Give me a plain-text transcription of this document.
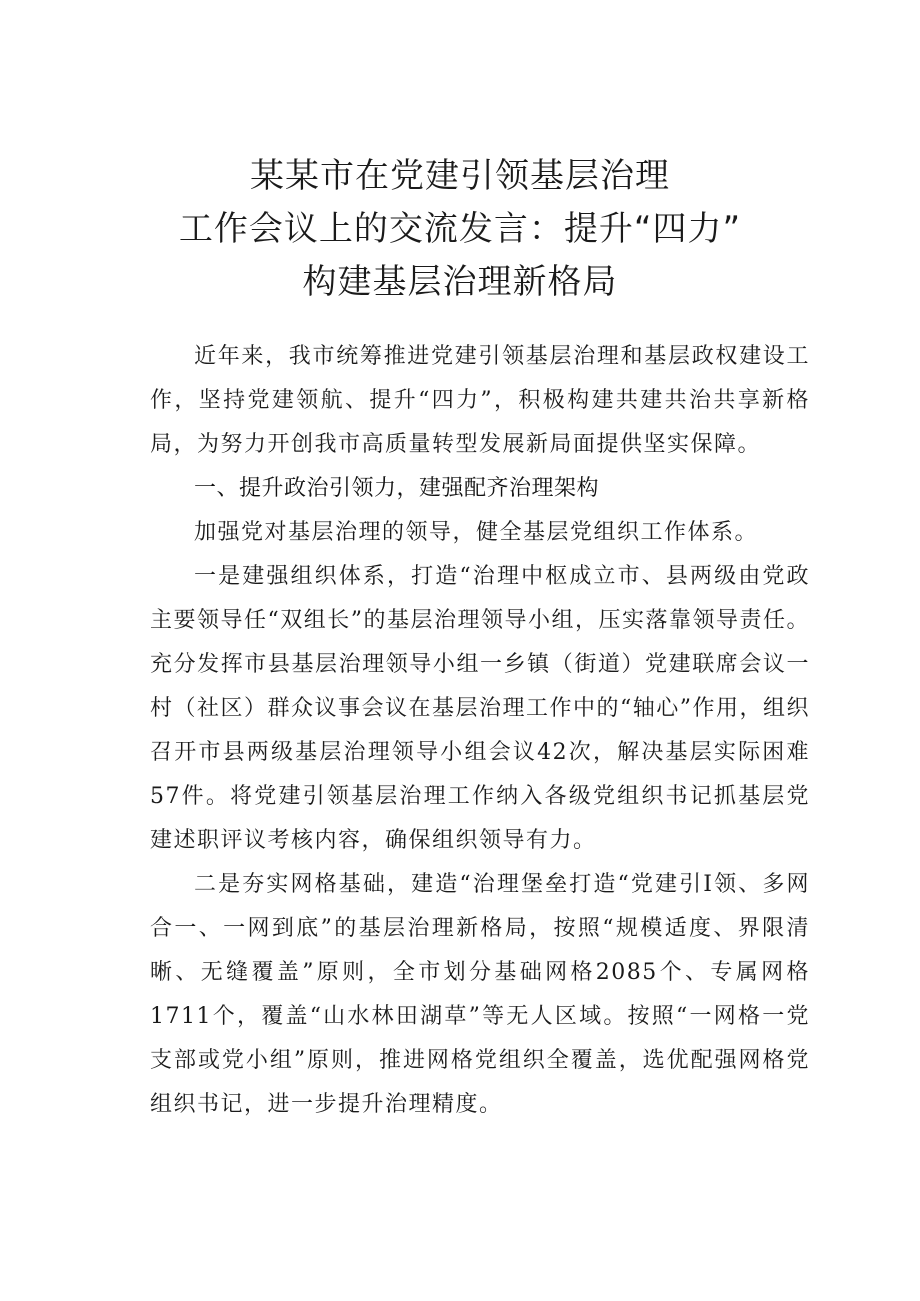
某某市在党建引领基层治理
工作会议上的交流发言：提升“四力”
构建基层治理新格局

近年来，我市统筹推进党建引领基层治理和基层政权建设工作，坚持党建领航、提升“四力”，积极构建共建共治共享新格局，为努力开创我市高质量转型发展新局面提供坚实保障。

一、提升政治引领力，建强配齐治理架构

加强党对基层治理的领导，健全基层党组织工作体系。

一是建强组织体系，打造“治理中枢成立市、县两级由党政主要领导任“双组长”的基层治理领导小组，压实落靠领导责任。充分发挥市县基层治理领导小组一乡镇（街道）党建联席会议一村（社区）群众议事会议在基层治理工作中的“轴心”作用，组织召开市县两级基层治理领导小组会议42次，解决基层实际困难57件。将党建引领基层治理工作纳入各级党组织书记抓基层党建述职评议考核内容，确保组织领导有力。

二是夯实网格基础，建造“治理堡垒打造“党建引Ι领、多网合一、一网到底”的基层治理新格局，按照“规模适度、界限清晰、无缝覆盖”原则，全市划分基础网格2085个、专属网格1711个，覆盖“山水林田湖草”等无人区域。按照“一网格一党支部或党小组”原则，推进网格党组织全覆盖，选优配强网格党组织书记，进一步提升治理精度。
